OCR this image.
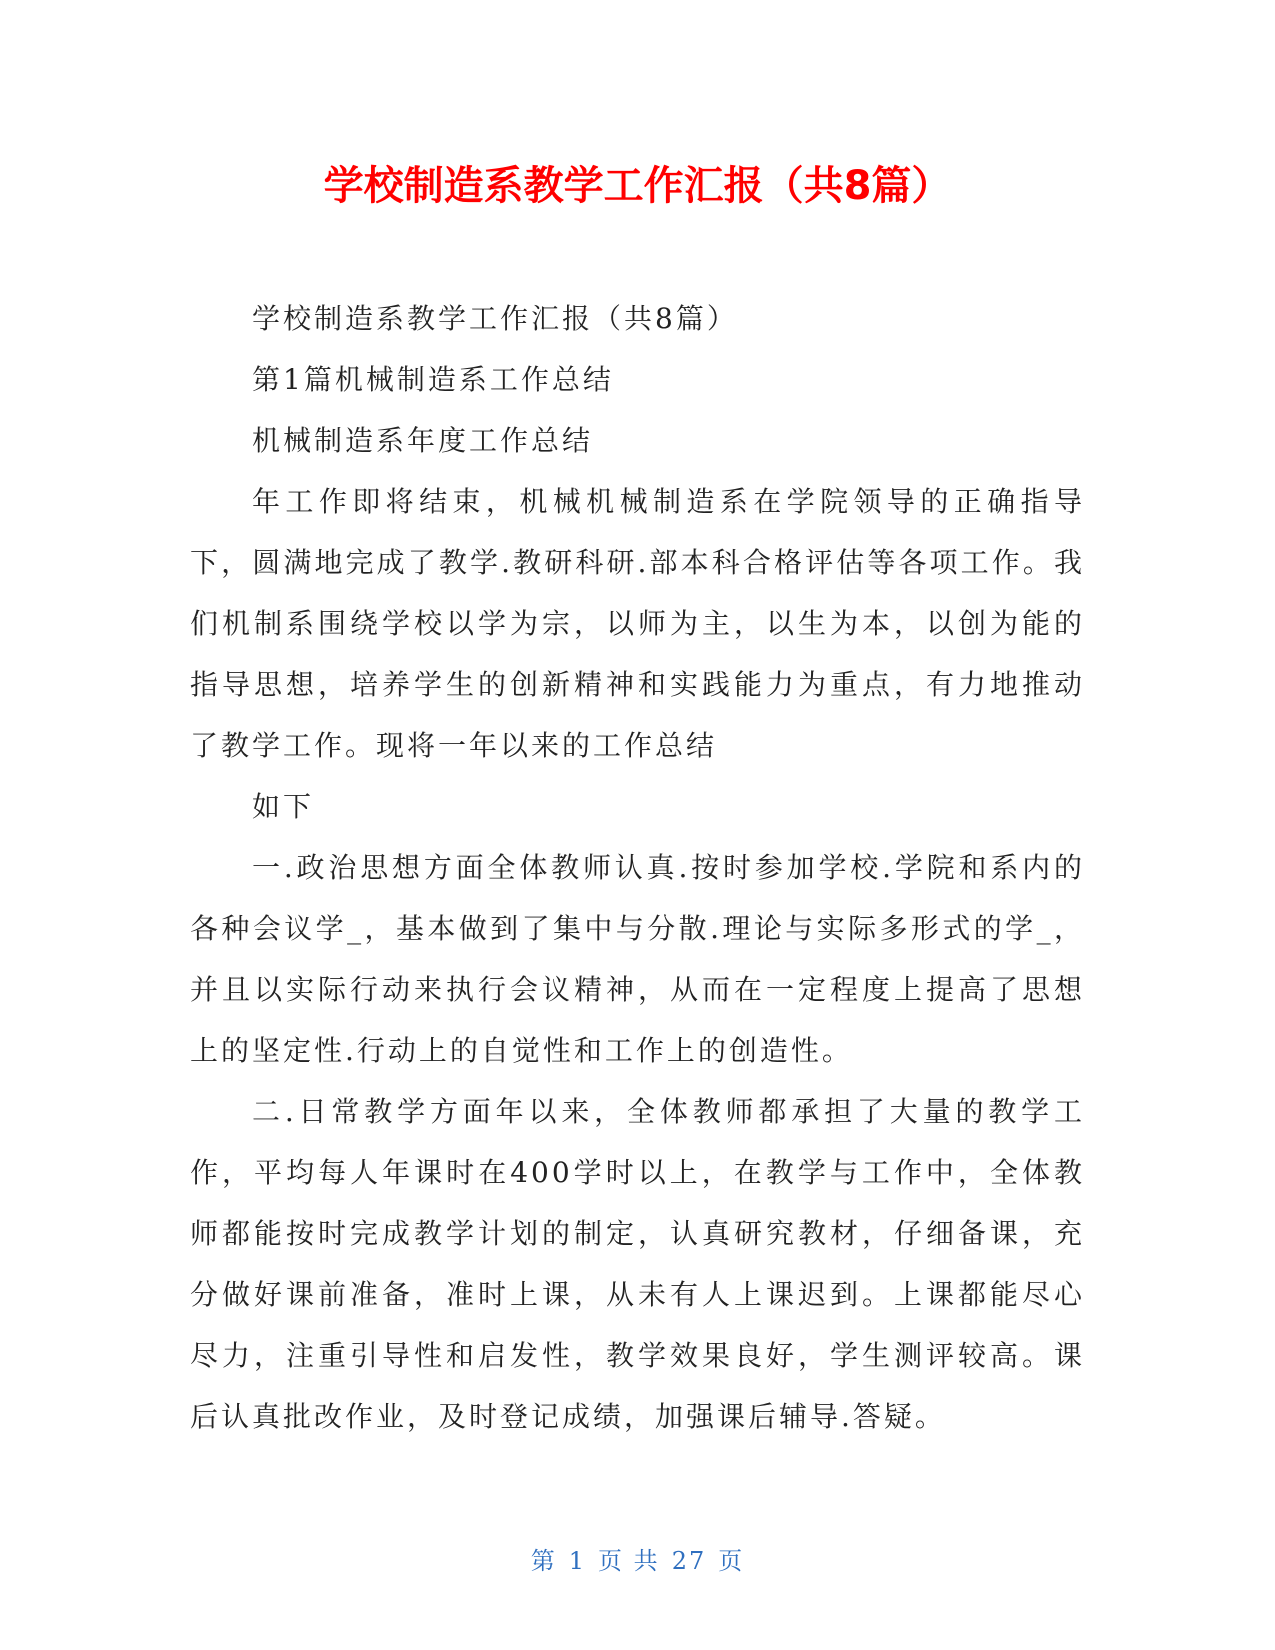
学校制造系教学工作汇报（共8篇）

学校制造系教学工作汇报（共8篇）

第1篇机械制造系工作总结

机械制造系年度工作总结

年工作即将结束，机械机械制造系在学院领导的正确指导下，圆满地完成了教学.教研科研.部本科合格评估等各项工作。我们机制系围绕学校以学为宗，以师为主，以生为本，以创为能的指导思想，培养学生的创新精神和实践能力为重点，有力地推动了教学工作。现将一年以来的工作总结

如下

一.政治思想方面全体教师认真.按时参加学校.学院和系内的各种会议学_，基本做到了集中与分散.理论与实际多形式的学_，并且以实际行动来执行会议精神，从而在一定程度上提高了思想上的坚定性.行动上的自觉性和工作上的创造性。

二.日常教学方面年以来，全体教师都承担了大量的教学工作，平均每人年课时在400学时以上，在教学与工作中，全体教师都能按时完成教学计划的制定，认真研究教材，仔细备课，充分做好课前准备，准时上课，从未有人上课迟到。上课都能尽心尽力，注重引导性和启发性，教学效果良好，学生测评较高。课后认真批改作业，及时登记成绩，加强课后辅导.答疑。

第 1 页 共 27 页
